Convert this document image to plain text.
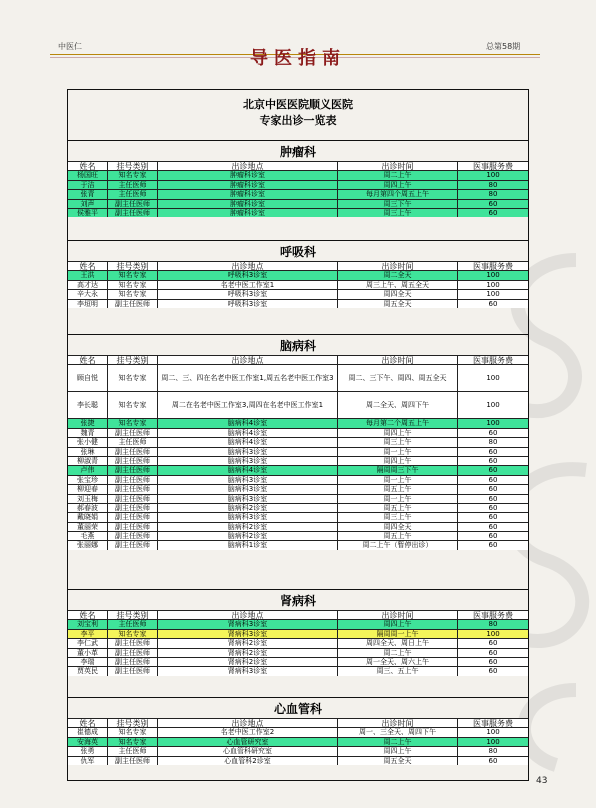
中医仁	总第58期
导医指南
北京中医医院顺义医院
专家出诊一览表
肿瘤科
姓名	挂号类别	出诊地点	出诊时间	医事服务费
杨国旺	知名专家	肿瘤科诊室	周二上午	100
于洁	主任医师	肿瘤科诊室	周四上午	80
张青	主任医师	肿瘤科诊室	每月第四个周五上午	80
刘声	副主任医师	肿瘤科诊室	周三下午	60
侯雅平	副主任医师	肿瘤科诊室	周三上午	60
呼吸科
姓名	挂号类别	出诊地点	出诊时间	医事服务费
王洪	知名专家	呼吸科3诊室	周二全天	100
高才达	知名专家	名老中医工作室1	周三上午、周五全天	100
辛大永	知名专家	呼吸科3诊室	周四全天	100
李垣明	副主任医师	呼吸科3诊室	周五全天	60
脑病科
姓名	挂号类别	出诊地点	出诊时间	医事服务费
顾自悦	知名专家	周二、三、四在名老中医工作室1,周五名老中医工作室3	周二、三下午、周四、周五全天	100
李长聪	知名专家	周二在名老中医工作室3,周四在名老中医工作室1	周二全天、周四下午	100
张捷	知名专家	脑病科4诊室	每月第二个周五上午	100
魏青	副主任医师	脑病科4诊室	周四上午	60
张小健	主任医师	脑病科4诊室	周三上午	80
张琳	副主任医师	脑病科3诊室	周一上午	60
柳淑青	副主任医师	脑病科3诊室	周四上午	60
卢伟	副主任医师	脑病科4诊室	隔周周三下午	60
张宝珍	副主任医师	脑病科3诊室	周一上午	60
柳迎春	副主任医师	脑病科3诊室	周五上午	60
刘玉梅	副主任医师	脑病科3诊室	周一上午	60
郝春波	副主任医师	脑病科2诊室	周五上午	60
戴晓娟	副主任医师	脑病科3诊室	周三上午	60
董丽荣	副主任医师	脑病科2诊室	周四全天	60
毛燕	副主任医师	脑病科2诊室	周五上午	60
张丽娜	副主任医师	脑病科1诊室	周二上午（暂停出诊）	60
肾病科
姓名	挂号类别	出诊地点	出诊时间	医事服务费
刘宝利	主任医师	肾病科3诊室	周四上午	80
李平	知名专家	肾病科3诊室	隔周周一上午	100
李仁武	副主任医师	肾病科2诊室	周四全天、周日上午	60
董小革	副主任医师	肾病科2诊室	周二上午	60
李瑞	副主任医师	肾病科2诊室	周一全天、周六上午	60
贾英民	副主任医师	肾病科3诊室	周三、五上午	60
心血管科
姓名	挂号类别	出诊地点	出诊时间	医事服务费
崔德成	知名专家	名老中医工作室2	周一、三全天、周四下午	100
安海英	知名专家	心血管研究室	周二上午	100
张勇	主任医师	心血管科研究室	周四上午	80
仇军	副主任医师	心血管科2诊室	周五全天	60
43
